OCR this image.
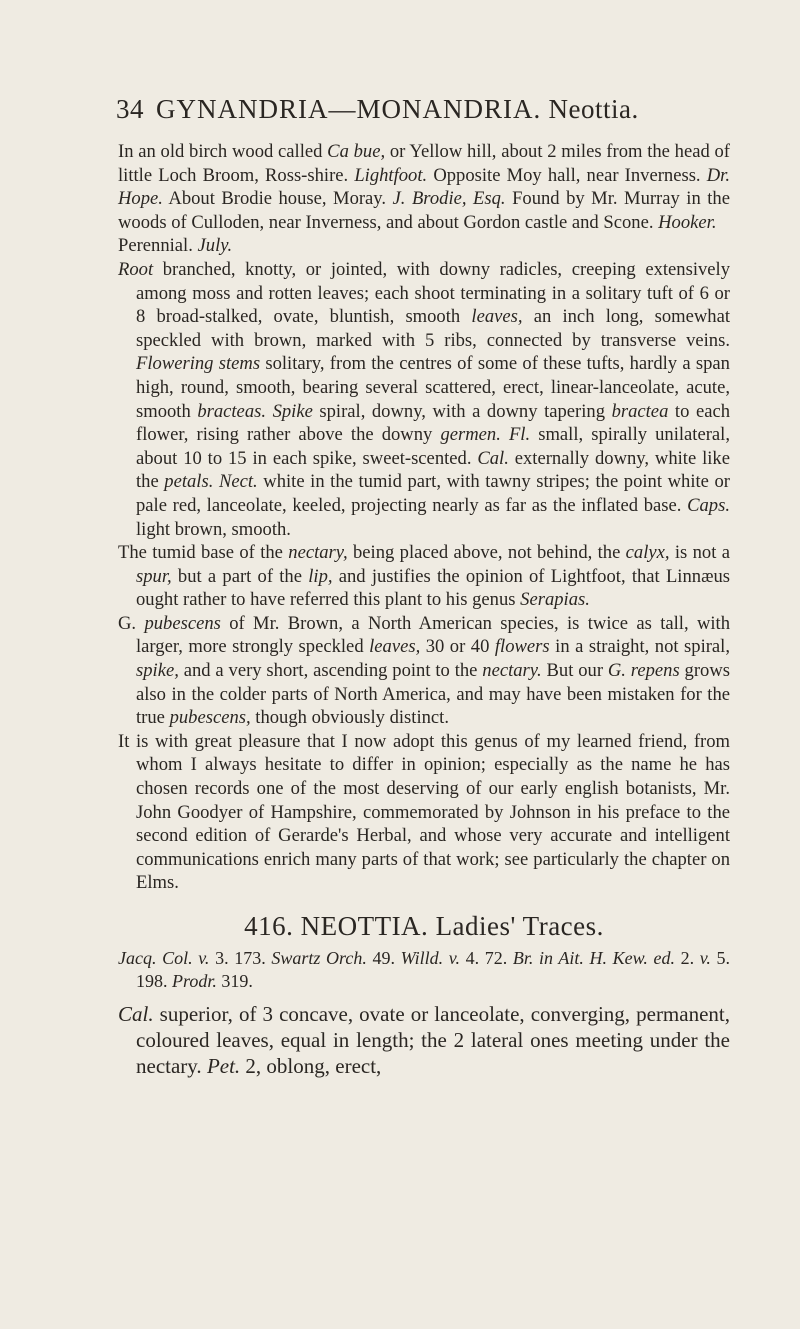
34 GYNANDRIA—MONANDRIA. Neottia.

In an old birch wood called Ca bue, or Yellow hill, about 2 miles from the head of little Loch Broom, Ross-shire. Lightfoot. Opposite Moy hall, near Inverness. Dr. Hope. About Brodie house, Moray. J. Brodie, Esq. Found by Mr. Murray in the woods of Culloden, near Inverness, and about Gordon castle and Scone. Hooker.

Perennial. July.

Root branched, knotty, or jointed, with downy radicles, creeping extensively among moss and rotten leaves; each shoot terminating in a solitary tuft of 6 or 8 broad-stalked, ovate, bluntish, smooth leaves, an inch long, somewhat speckled with brown, marked with 5 ribs, connected by transverse veins. Flowering stems solitary, from the centres of some of these tufts, hardly a span high, round, smooth, bearing several scattered, erect, linear-lanceolate, acute, smooth bracteas. Spike spiral, downy, with a downy tapering bractea to each flower, rising rather above the downy germen. Fl. small, spirally unilateral, about 10 to 15 in each spike, sweet-scented. Cal. externally downy, white like the petals. Nect. white in the tumid part, with tawny stripes; the point white or pale red, lanceolate, keeled, projecting nearly as far as the inflated base. Caps. light brown, smooth.

The tumid base of the nectary, being placed above, not behind, the calyx, is not a spur, but a part of the lip, and justifies the opinion of Lightfoot, that Linnæus ought rather to have referred this plant to his genus Serapias.

G. pubescens of Mr. Brown, a North American species, is twice as tall, with larger, more strongly speckled leaves, 30 or 40 flowers in a straight, not spiral, spike, and a very short, ascending point to the nectary. But our G. repens grows also in the colder parts of North America, and may have been mistaken for the true pubescens, though obviously distinct.

It is with great pleasure that I now adopt this genus of my learned friend, from whom I always hesitate to differ in opinion; especially as the name he has chosen records one of the most deserving of our early english botanists, Mr. John Goodyer of Hampshire, commemorated by Johnson in his preface to the second edition of Gerarde's Herbal, and whose very accurate and intelligent communications enrich many parts of that work; see particularly the chapter on Elms.

416. NEOTTIA. Ladies' Traces.

Jacq. Col. v. 3. 173. Swartz Orch. 49. Willd. v. 4. 72. Br. in Ait. H. Kew. ed. 2. v. 5. 198. Prodr. 319.

Cal. superior, of 3 concave, ovate or lanceolate, converging, permanent, coloured leaves, equal in length; the 2 lateral ones meeting under the nectary. Pet. 2, oblong, erect,
